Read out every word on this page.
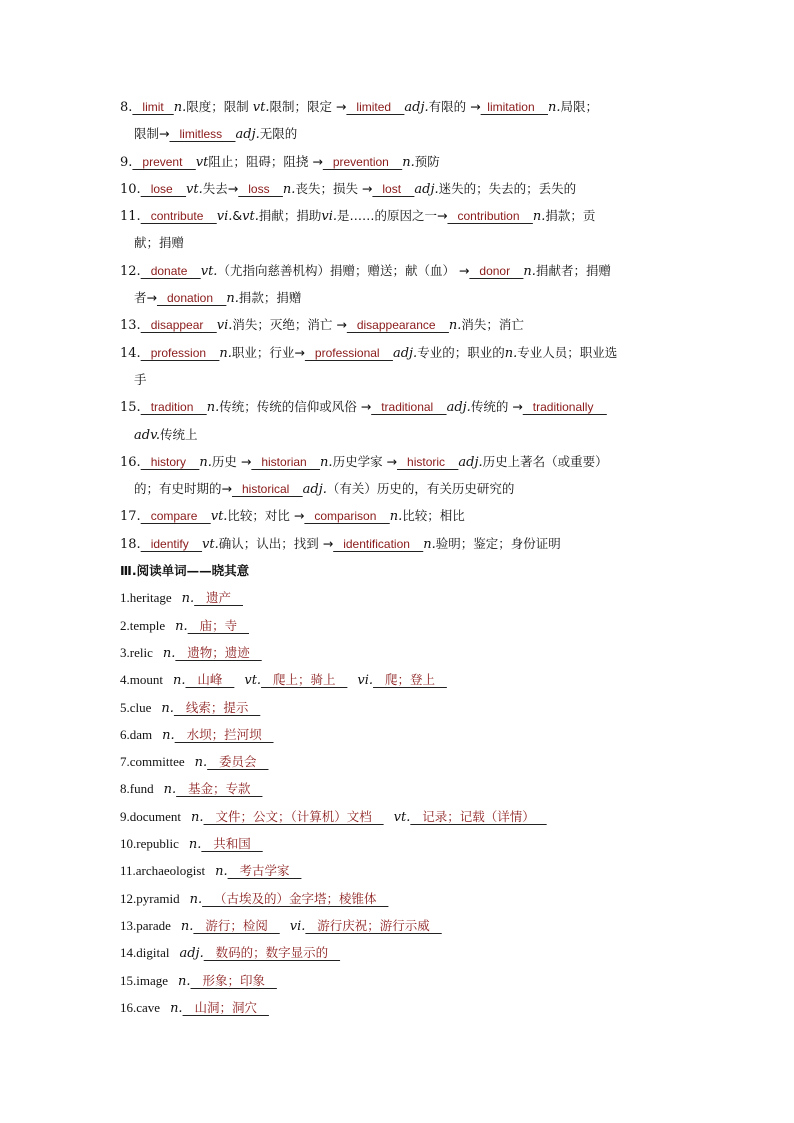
8.   limit   n.限度；限制 vt.限制；限定 →   limited    adj.有限的 →  limitation    n.局限；
限制→   limitless    adj.无限的
9.   prevent    vt阻止；阻碍；阻挠 →   prevention    n.预防
10.   lose    vt.失去→   loss    n.丧失；损失 →   lost    adj.迷失的；失去的；丢失的
11.   contribute    vi.&vt.捐献；捐助vi.是……的原因之一→   contribution    n.捐款；贡
献；捐赠
12.   donate    vt.（尤指向慈善机构）捐赠；赠送；献（血） →   donor    n.捐献者；捐赠
者→   donation    n.捐款；捐赠
13.   disappear    vi.消失；灭绝；消亡 →   disappearance    n.消失；消亡
14.   profession    n.职业；行业→   professional    adj.专业的；职业的n.专业人员；职业选
手
15.   tradition    n.传统；传统的信仰或风俗 →   traditional    adj.传统的 →   traditionally
adv.传统上
16.   history    n.历史 →   historian    n.历史学家 →   historic    adj.历史上著名（或重要）
的；有史时期的→   historical    adj.（有关）历史的，有关历史研究的
17.   compare    vt.比较；对比 →   comparison    n.比较；相比
18.   identify    vt.确认；认出；找到 →   identification    n.验明；鉴定；身份证明
Ⅲ.阅读单词——晓其意
1.heritage n.   遗产
2.temple n.   庙；寺
3.relic n.   遗物；遗迹
4.mount n.   山峰   vt.   爬上；骑上   vi.   爬；登上
5.clue n.   线索；提示
6.dam n.   水坝；拦河坝
7.committee n.   委员会
8.fund n.   基金；专款
9.document n.   文件；公文；（计算机）文档   vt.   记录；记载（详情）
10.republic n.   共和国
11.archaeologist n.   考古学家
12.pyramid n.   （古埃及的）金字塔；棱锥体
13.parade n.   游行；检阅   vi.   游行庆祝；游行示威
14.digital adj.   数码的；数字显示的
15.image n.   形象；印象
16.cave n.   山洞；洞穴
